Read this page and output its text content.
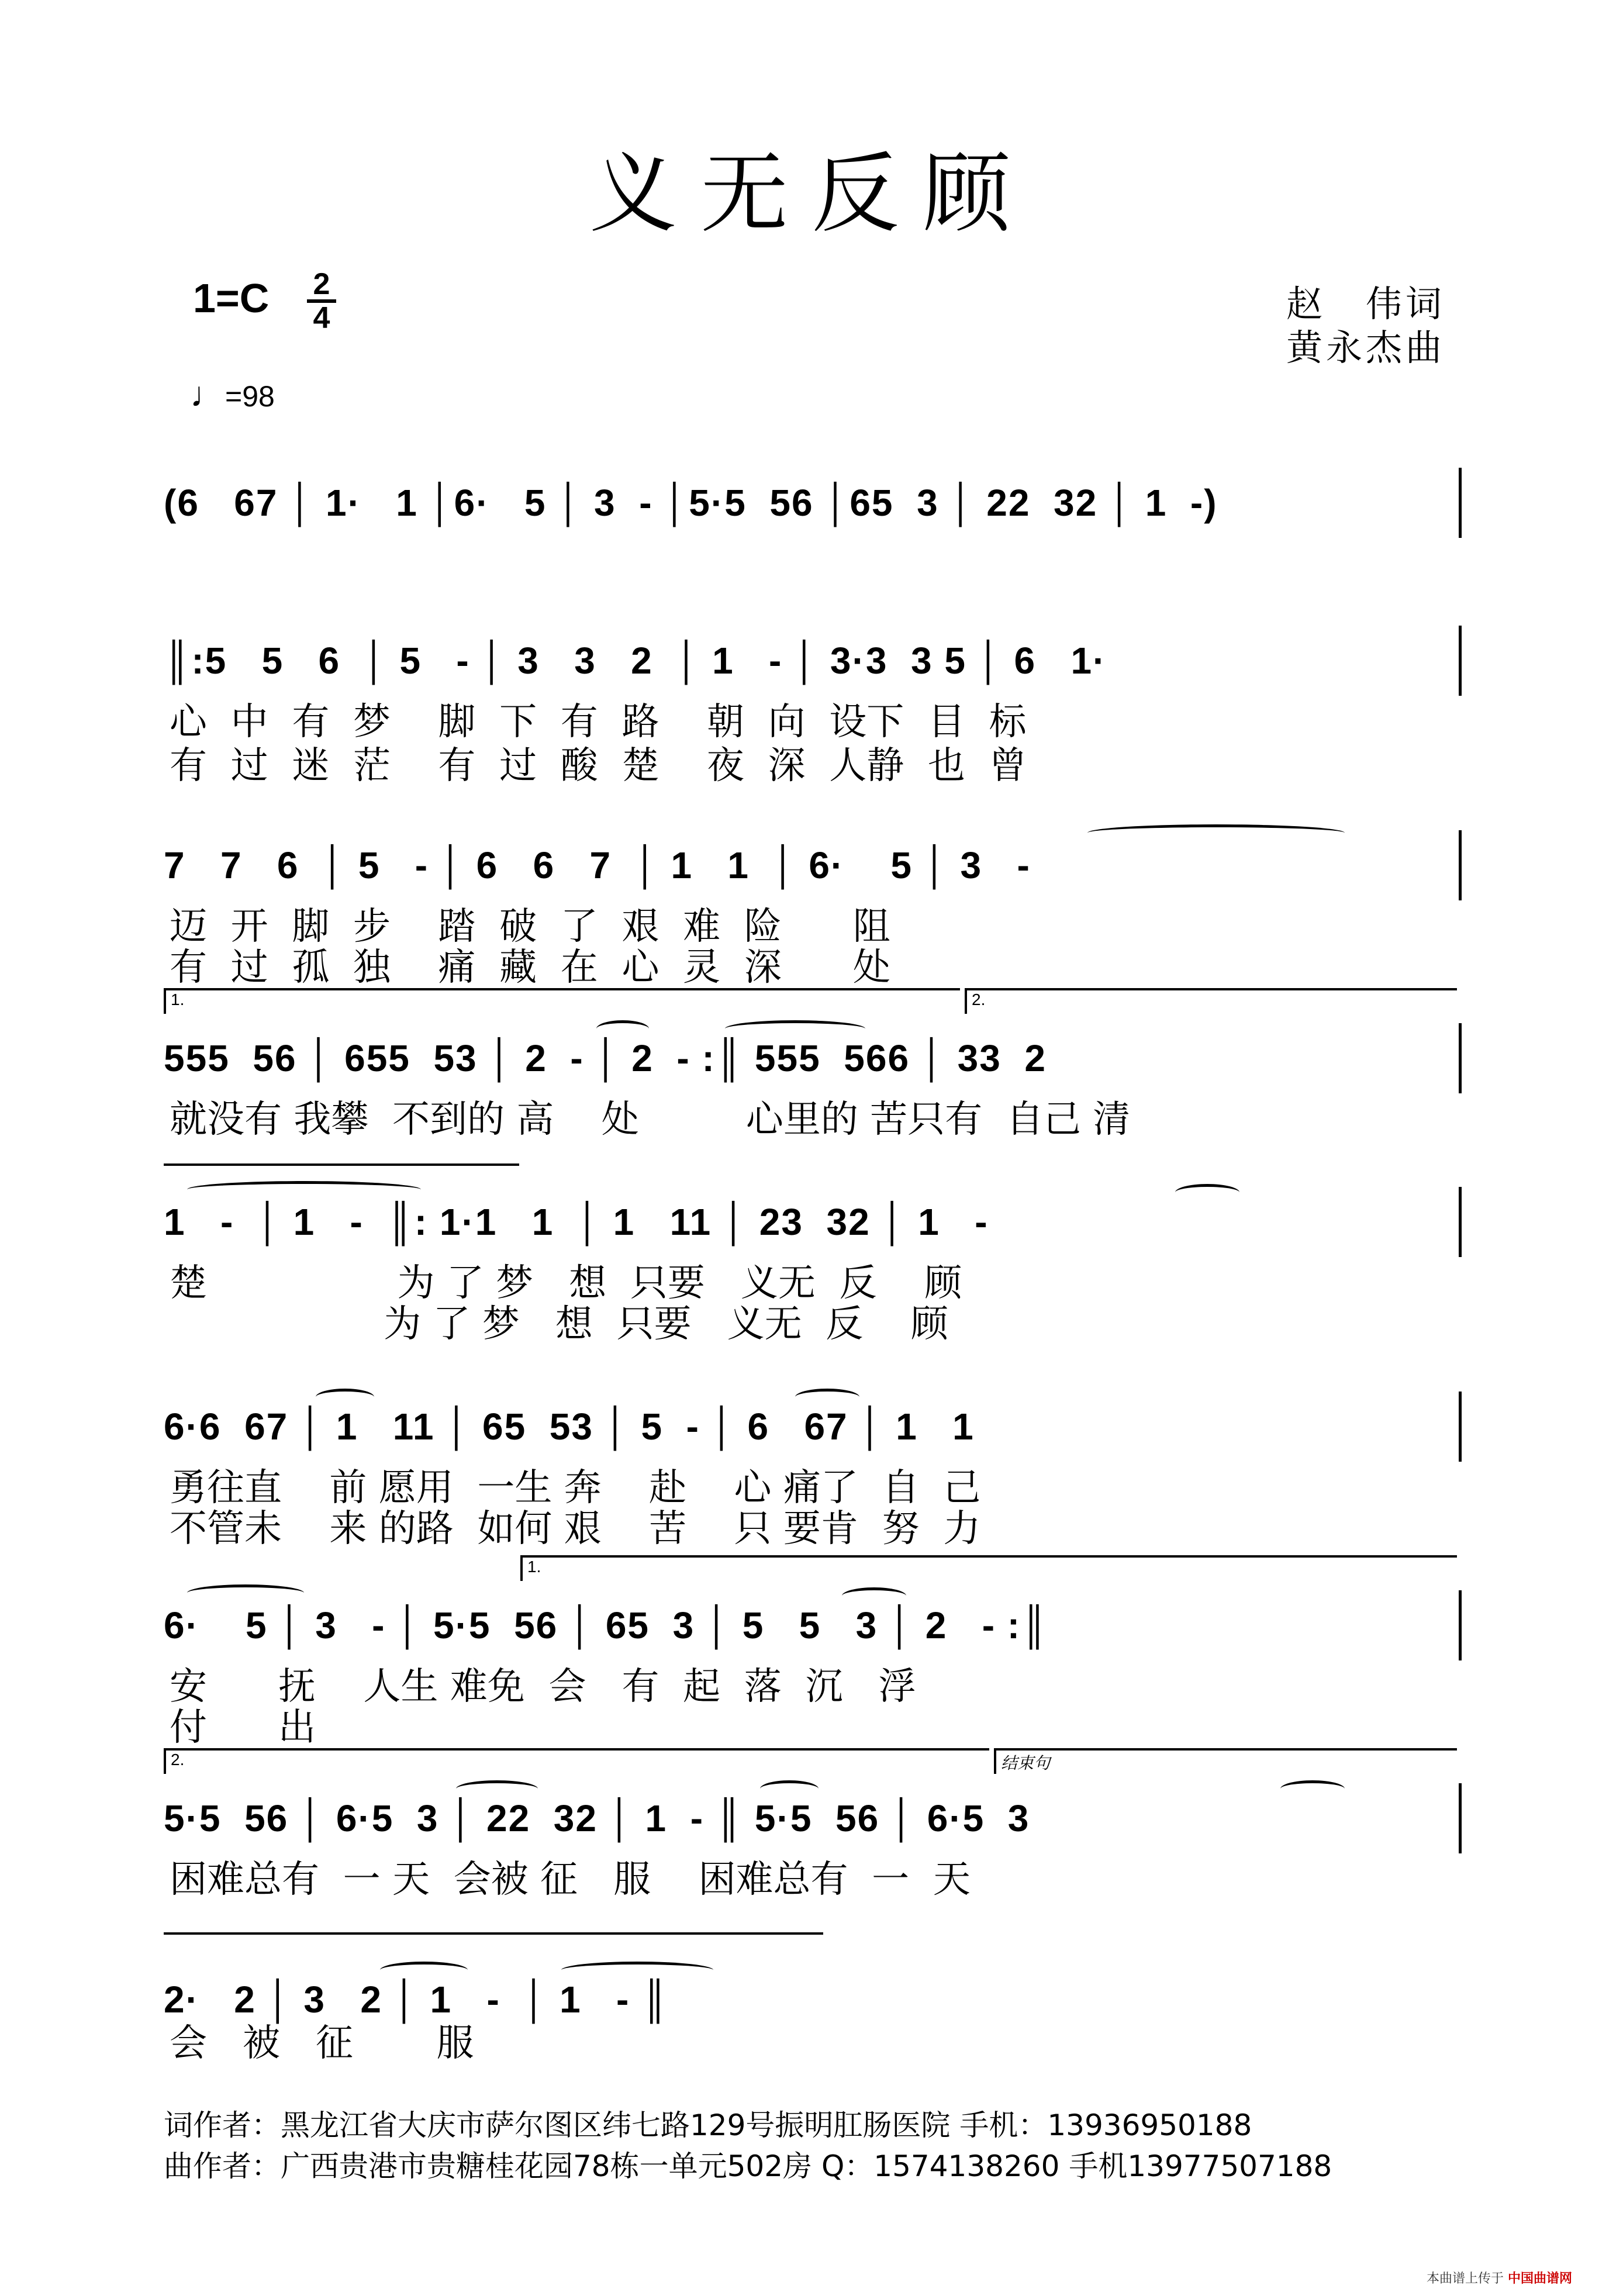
义无反顾
1=C 2
4	赵　伟词
黄永杰曲
♩=98
(6   67 │ 1·   1 │6·   5 │ 3  - │5·5  56 │65  3 │ 22  32 │ 1  -)
║:5   5   6  │ 5   - │ 3   3   2  │ 1   - │ 3·3  3 5 │ 6   1·
心  中  有  梦    脚  下  有  路    朝  向  设下  目  标
有  过  迷  茫    有  过  酸  楚    夜  深  人静  也  曾
7   7   6  │ 5   - │ 6   6   7  │ 1   1  │ 6·    5 │ 3   -
迈  开  脚  步    踏  破  了  艰  难  险      阻
有  过  孤  独    痛  藏  在  心  灵  深      处
1.	2.
555  56 │ 655  53 │ 2  - │ 2  - :║ 555  566 │ 33  2
就没有 我攀  不到的 高    处         心里的 苦只有  自己 清
1   -  │ 1   -  ║: 1·1   1  │ 1   11 │ 23  32 │ 1   -
楚                为 了 梦   想  只要   义无  反    顾
为 了 梦   想  只要   义无  反    顾
6·6  67 │ 1   11 │ 65  53 │ 5  - │ 6   67 │ 1   1
勇往直    前 愿用  一生 奔    赴    心 痛了  自  己
不管未    来 的路  如何 艰    苦    只 要肯  努  力
1.
6·    5 │ 3   - │ 5·5  56 │ 65  3 │ 5   5   3 │ 2   - :║
安      抚    人生 难免  会   有  起  落  沉   浮
付      出
2.	结束句
5·5  56 │ 6·5  3 │ 22  32 │ 1  - ║ 5·5  56 │ 6·5  3
困难总有  一 天  会被 征   服    困难总有  一  天
2·   2 │ 3   2 │ 1   -  │ 1   - ║
会   被   征       服
词作者：黑龙江省大庆市萨尔图区纬七路129号振明肛肠医院 手机：13936950188
曲作者：广西贵港市贵糖桂花园78栋一单元502房 Q：1574138260 手机13977507188
本曲谱上传于 中国曲谱网
